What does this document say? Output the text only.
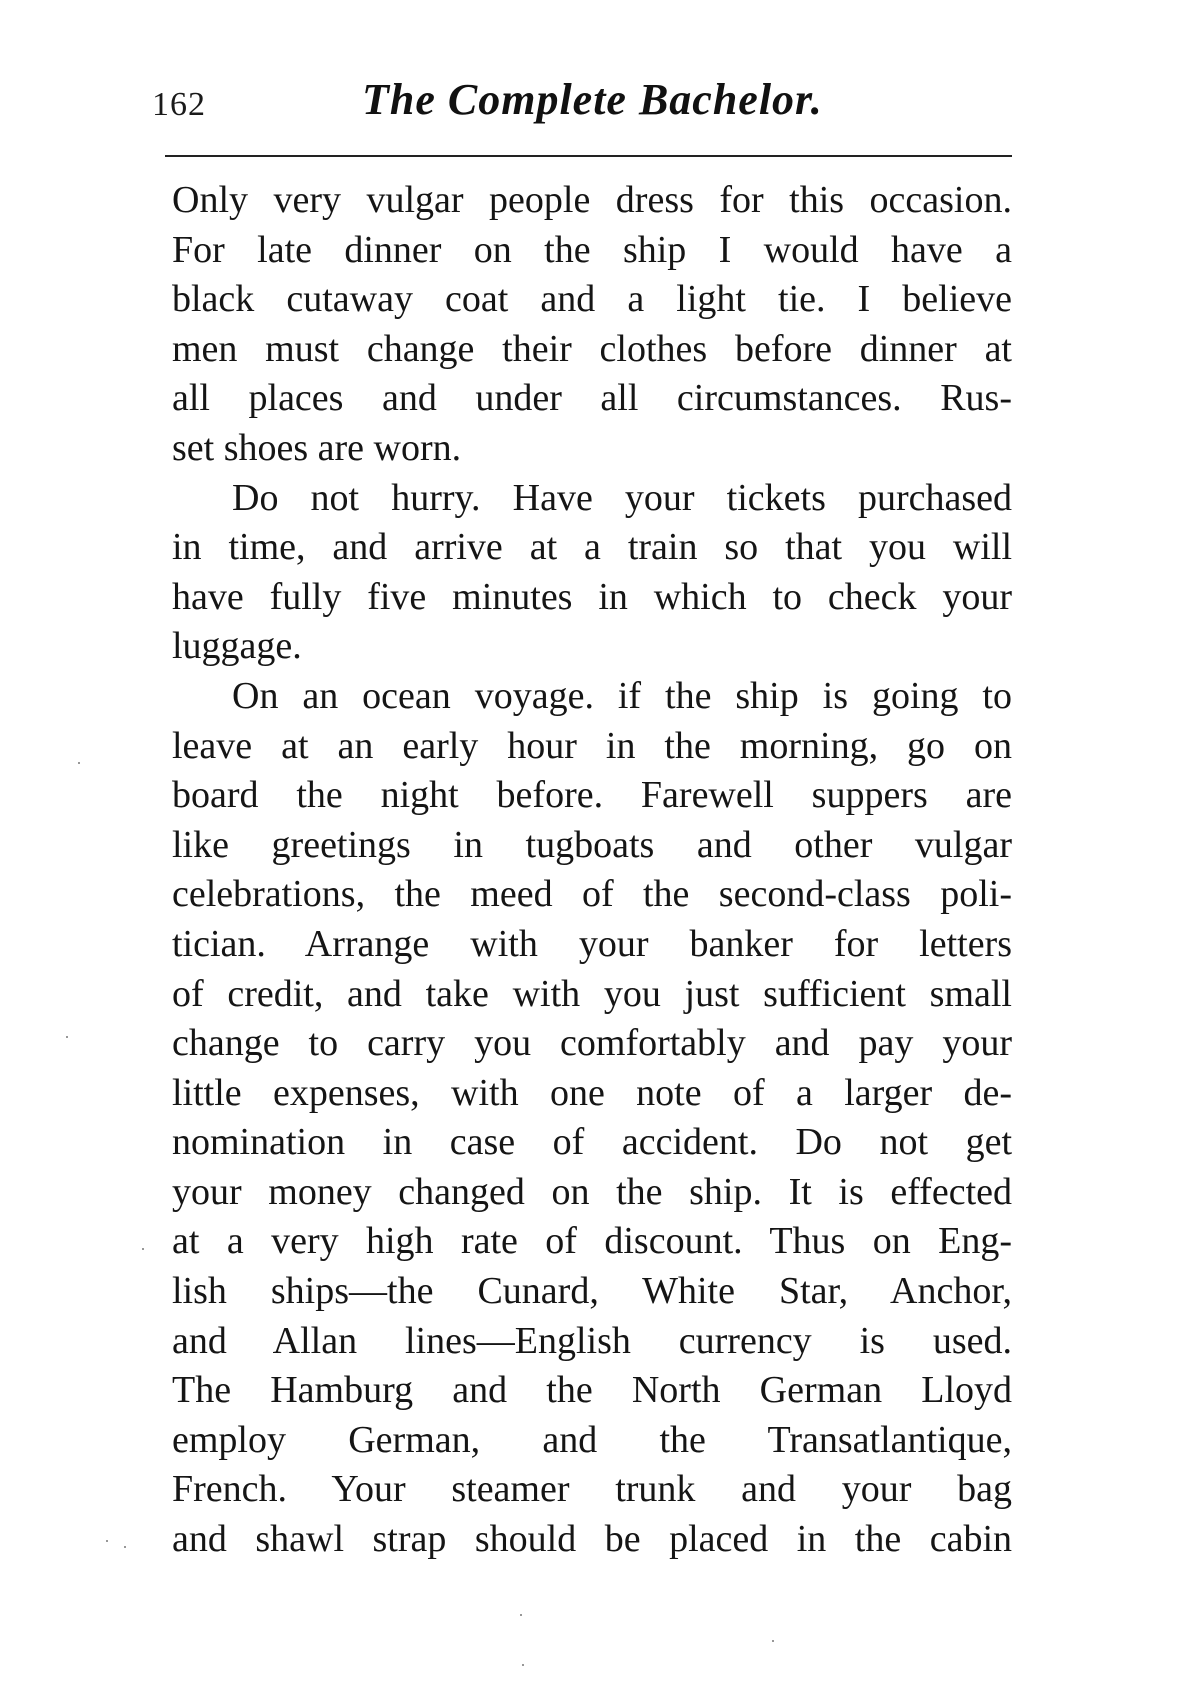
162	The Complete Bachelor.
Only very vulgar people dress for this occasion.
For late dinner on the ship I would have a
black cutaway coat and a light tie. I believe
men must change their clothes before dinner at
all places and under all circumstances. Rus-
set shoes are worn.
Do not hurry. Have your tickets purchased
in time, and arrive at a train so that you will
have fully five minutes in which to check your
luggage.
On an ocean voyage. if the ship is going to
leave at an early hour in the morning, go on
board the night before. Farewell suppers are
like greetings in tugboats and other vulgar
celebrations, the meed of the second-class poli-
tician. Arrange with your banker for letters
of credit, and take with you just sufficient small
change to carry you comfortably and pay your
little expenses, with one note of a larger de-
nomination in case of accident. Do not get
your money changed on the ship. It is effected
at a very high rate of discount. Thus on Eng-
lish ships—the Cunard, White Star, Anchor,
and Allan lines—English currency is used.
The Hamburg and the North German Lloyd
employ German, and the Transatlantique,
French. Your steamer trunk and your bag
and shawl strap should be placed in the cabin
